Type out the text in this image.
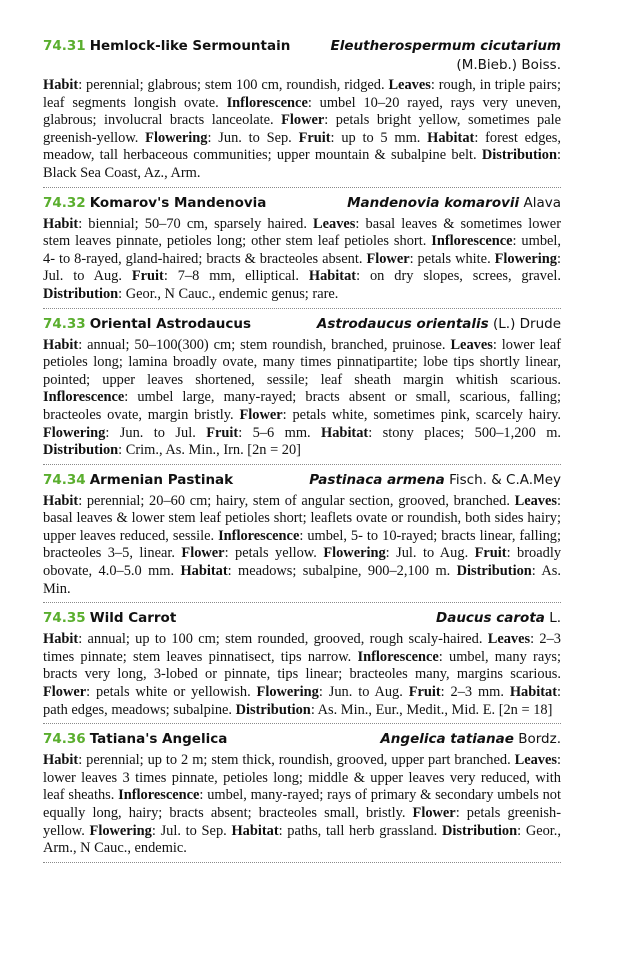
74.31 Hemlock-like Sermountain	Eleutherospermum cicutarium
(M.Bieb.) Boiss.
Habit: perennial; glabrous; stem 100 cm, roundish, ridged. Leaves: rough, in triple pairs; leaf segments longish ovate. Inflorescence: umbel 10–20 rayed, rays very uneven, glabrous; involucral bracts lanceolate. Flower: petals bright yellow, sometimes pale greenish-yellow. Flowering: Jun. to Sep. Fruit: up to 5 mm. Habitat: forest edges, meadow, tall herbaceous communities; upper mountain & subalpine belt. Distribution: Black Sea Coast, Az., Arm.
74.32 Komarov's Mandenovia	Mandenovia komarovii Alava
Habit: biennial; 50–70 cm, sparsely haired. Leaves: basal leaves & sometimes lower stem leaves pinnate, petioles long; other stem leaf petioles short. Inflorescence: umbel, 4- to 8-rayed, gland-haired; bracts & bracteoles absent. Flower: petals white. Flowering: Jul. to Aug. Fruit: 7–8 mm, elliptical. Habitat: on dry slopes, screes, gravel. Distribution: Geor., N Cauc., endemic genus; rare.
74.33 Oriental Astrodaucus	Astrodaucus orientalis (L.) Drude
Habit: annual; 50–100(300) cm; stem roundish, branched, pruinose. Leaves: lower leaf petioles long; lamina broadly ovate, many times pinnatipartite; lobe tips shortly linear, pointed; upper leaves shortened, sessile; leaf sheath margin whitish scarious. Inflorescence: umbel large, many-rayed; bracts absent or small, scarious, falling; bracteoles ovate, margin bristly. Flower: petals white, sometimes pink, scarcely hairy. Flowering: Jun. to Jul. Fruit: 5–6 mm. Habitat: stony places; 500–1,200 m. Distribution: Crim., As. Min., Irn. [2n = 20]
74.34 Armenian Pastinak	Pastinaca armena Fisch. & C.A.Mey
Habit: perennial; 20–60 cm; hairy, stem of angular section, grooved, branched. Leaves: basal leaves & lower stem leaf petioles short; leaflets ovate or roundish, both sides hairy; upper leaves reduced, sessile. Inflorescence: umbel, 5- to 10-rayed; bracts linear, falling; bracteoles 3–5, linear. Flower: petals yellow. Flowering: Jul. to Aug. Fruit: broadly obovate, 4.0–5.0 mm. Habitat: meadows; subalpine, 900–2,100 m. Distribution: As. Min.
74.35 Wild Carrot	Daucus carota L.
Habit: annual; up to 100 cm; stem rounded, grooved, rough scaly-haired. Leaves: 2–3 times pinnate; stem leaves pinnatisect, tips narrow. Inflorescence: umbel, many rays; bracts very long, 3-lobed or pinnate, tips linear; bracteoles many, margins scarious. Flower: petals white or yellowish. Flowering: Jun. to Aug. Fruit: 2–3 mm. Habitat: path edges, meadows; subalpine. Distribution: As. Min., Eur., Medit., Mid. E. [2n = 18]
74.36 Tatiana's Angelica	Angelica tatianae Bordz.
Habit: perennial; up to 2 m; stem thick, roundish, grooved, upper part branched. Leaves: lower leaves 3 times pinnate, petioles long; middle & upper leaves very reduced, with leaf sheaths. Inflorescence: umbel, many-rayed; rays of primary & secondary umbels not equally long, hairy; bracts absent; bracteoles small, bristly. Flower: petals greenish-yellow. Flowering: Jul. to Sep. Habitat: paths, tall herb grassland. Distribution: Geor., Arm., N Cauc., endemic.
